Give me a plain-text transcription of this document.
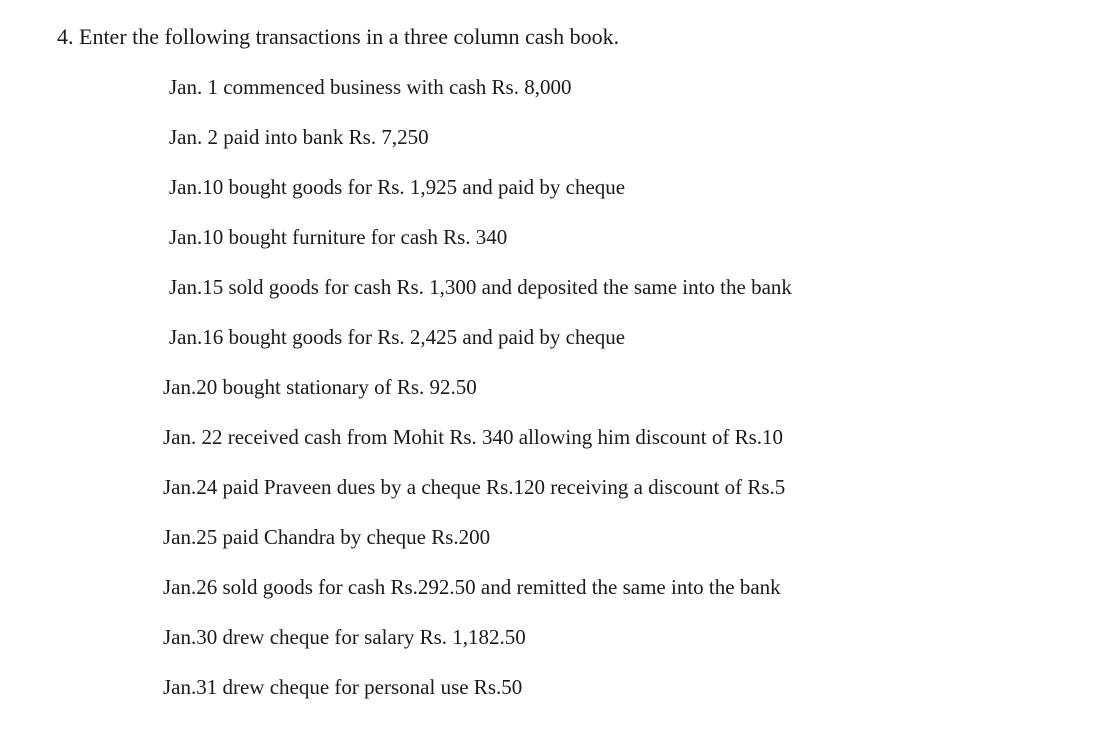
4. Enter the following transactions in a three column cash book.
Jan. 1 commenced business with cash Rs. 8,000
Jan. 2 paid into bank Rs. 7,250
Jan.10 bought goods for Rs. 1,925 and paid by cheque
Jan.10 bought furniture for cash Rs. 340
Jan.15 sold goods for cash Rs. 1,300 and deposited the same into the bank
Jan.16 bought goods for Rs. 2,425 and paid by cheque
Jan.20 bought stationary of Rs. 92.50
Jan. 22 received cash from Mohit Rs. 340 allowing him discount of Rs.10
Jan.24 paid Praveen dues by a cheque Rs.120 receiving a discount of Rs.5
Jan.25 paid Chandra by cheque Rs.200
Jan.26 sold goods for cash Rs.292.50 and remitted the same into the bank
Jan.30 drew cheque for salary Rs. 1,182.50
Jan.31 drew cheque for personal use Rs.50
